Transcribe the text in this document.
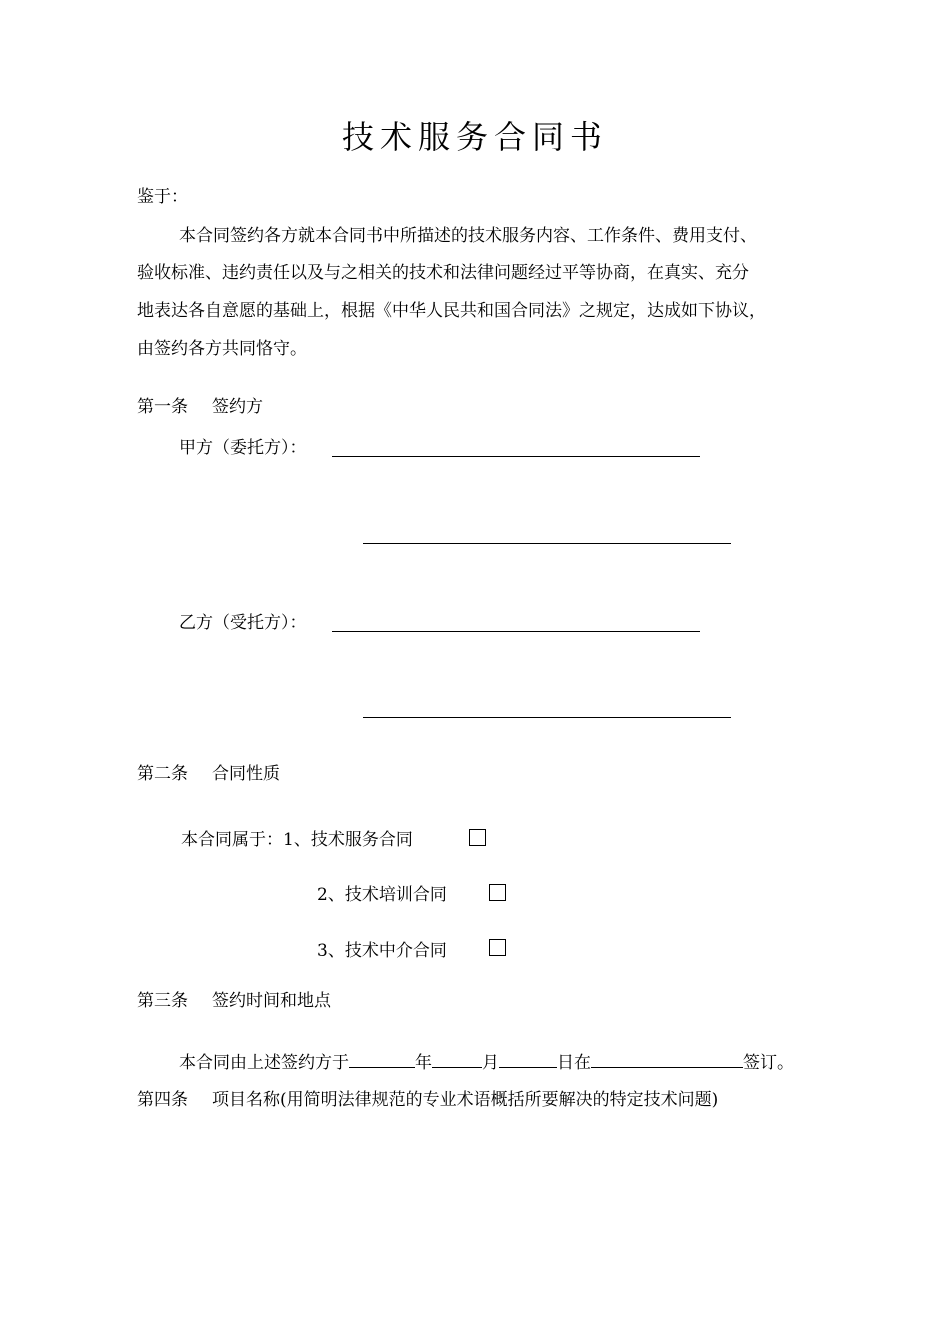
技术服务合同书
鉴于：
本合同签约各方就本合同书中所描述的技术服务内容、工作条件、费用支付、
验收标准、违约责任以及与之相关的技术和法律问题经过平等协商，在真实、充分
地表达各自意愿的基础上，根据《中华人民共和国合同法》之规定，达成如下协议，
由签约各方共同恪守。
第一条 签约方
甲方（委托方）：
乙方（受托方）：
第二条 合同性质
本合同属于：1、技术服务合同
2、技术培训合同
3、技术中介合同
第三条 签约时间和地点
本合同由上述签约方于	年	月	日在	签订。
第四条 项目名称(用简明法律规范的专业术语概括所要解决的特定技术问题)
